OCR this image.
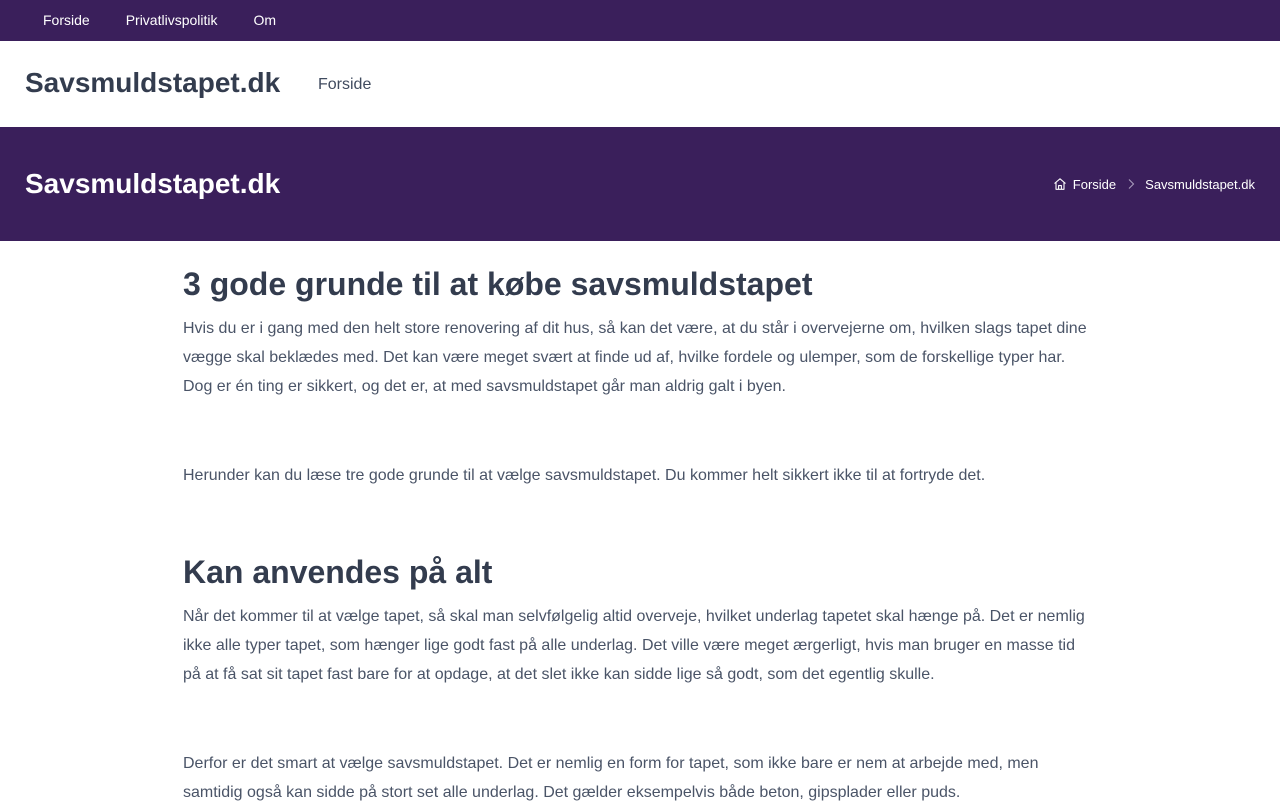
Forside	Privatlivspolitik	Om
Savsmuldstapet.dk Forside
Savsmuldstapet.dk	Forside Savsmuldstapet.dk
3 gode grunde til at købe savsmuldstapet

Hvis du er i gang med den helt store renovering af dit hus, så kan det være, at du står i overvejerne om, hvilken slags tapet dine vægge skal beklædes med. Det kan være meget svært at finde ud af, hvilke fordele og ulemper, som de forskellige typer har. Dog er én ting er sikkert, og det er, at med savsmuldstapet går man aldrig galt i byen.

Herunder kan du læse tre gode grunde til at vælge savsmuldstapet. Du kommer helt sikkert ikke til at fortryde det.

Kan anvendes på alt

Når det kommer til at vælge tapet, så skal man selvfølgelig altid overveje, hvilket underlag tapetet skal hænge på. Det er nemlig ikke alle typer tapet, som hænger lige godt fast på alle underlag. Det ville være meget ærgerligt, hvis man bruger en masse tid på at få sat sit tapet fast bare for at opdage, at det slet ikke kan sidde lige så godt, som det egentlig skulle.

Derfor er det smart at vælge savsmuldstapet. Det er nemlig en form for tapet, som ikke bare er nem at arbejde med, men samtidig også kan sidde på stort set alle underlag. Det gælder eksempelvis både beton, gipsplader eller puds.
